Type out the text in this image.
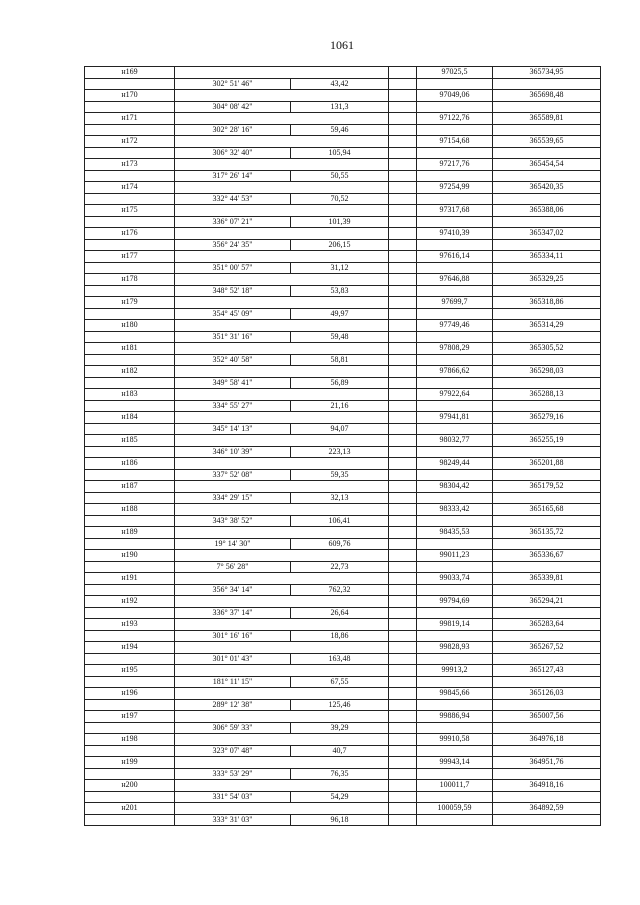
1061
н169				97025,5	365734,95
	302° 51' 46"	43,42			
н170				97049,06	365698,48
	304° 08' 42"	131,3			
н171				97122,76	365589,81
	302° 28' 16"	59,46			
н172				97154,68	365539,65
	306° 32' 40"	105,94			
н173				97217,76	365454,54
	317° 26' 14"	50,55			
н174				97254,99	365420,35
	332° 44' 53"	70,52			
н175				97317,68	365388,06
	336° 07' 21"	101,39			
н176				97410,39	365347,02
	356° 24' 35"	206,15			
н177				97616,14	365334,11
	351° 00' 57"	31,12			
н178				97646,88	365329,25
	348° 52' 18"	53,83			
н179				97699,7	365318,86
	354° 45' 09"	49,97			
н180				97749,46	365314,29
	351° 31' 16"	59,48			
н181				97808,29	365305,52
	352° 40' 58"	58,81			
н182				97866,62	365298,03
	349° 58' 41"	56,89			
н183				97922,64	365288,13
	334° 55' 27"	21,16			
н184				97941,81	365279,16
	345° 14' 13"	94,07			
н185				98032,77	365255,19
	346° 10' 39"	223,13			
н186				98249,44	365201,88
	337° 52' 08"	59,35			
н187				98304,42	365179,52
	334° 29' 15"	32,13			
н188				98333,42	365165,68
	343° 38' 52"	106,41			
н189				98435,53	365135,72
	19° 14' 30"	609,76			
н190				99011,23	365336,67
	7° 56' 28"	22,73			
н191				99033,74	365339,81
	356° 34' 14"	762,32			
н192				99794,69	365294,21
	336° 37' 14"	26,64			
н193				99819,14	365283,64
	301° 16' 16"	18,86			
н194				99828,93	365267,52
	301° 01' 43"	163,48			
н195				99913,2	365127,43
	181° 11' 15"	67,55			
н196				99845,66	365126,03
	289° 12' 38"	125,46			
н197				99886,94	365007,56
	306° 59' 33"	39,29			
н198				99910,58	364976,18
	323° 07' 48"	40,7			
н199				99943,14	364951,76
	333° 53' 29"	76,35			
н200				100011,7	364918,16
	331° 54' 03"	54,29			
н201				100059,59	364892,59
	333° 31' 03"	96,18			
